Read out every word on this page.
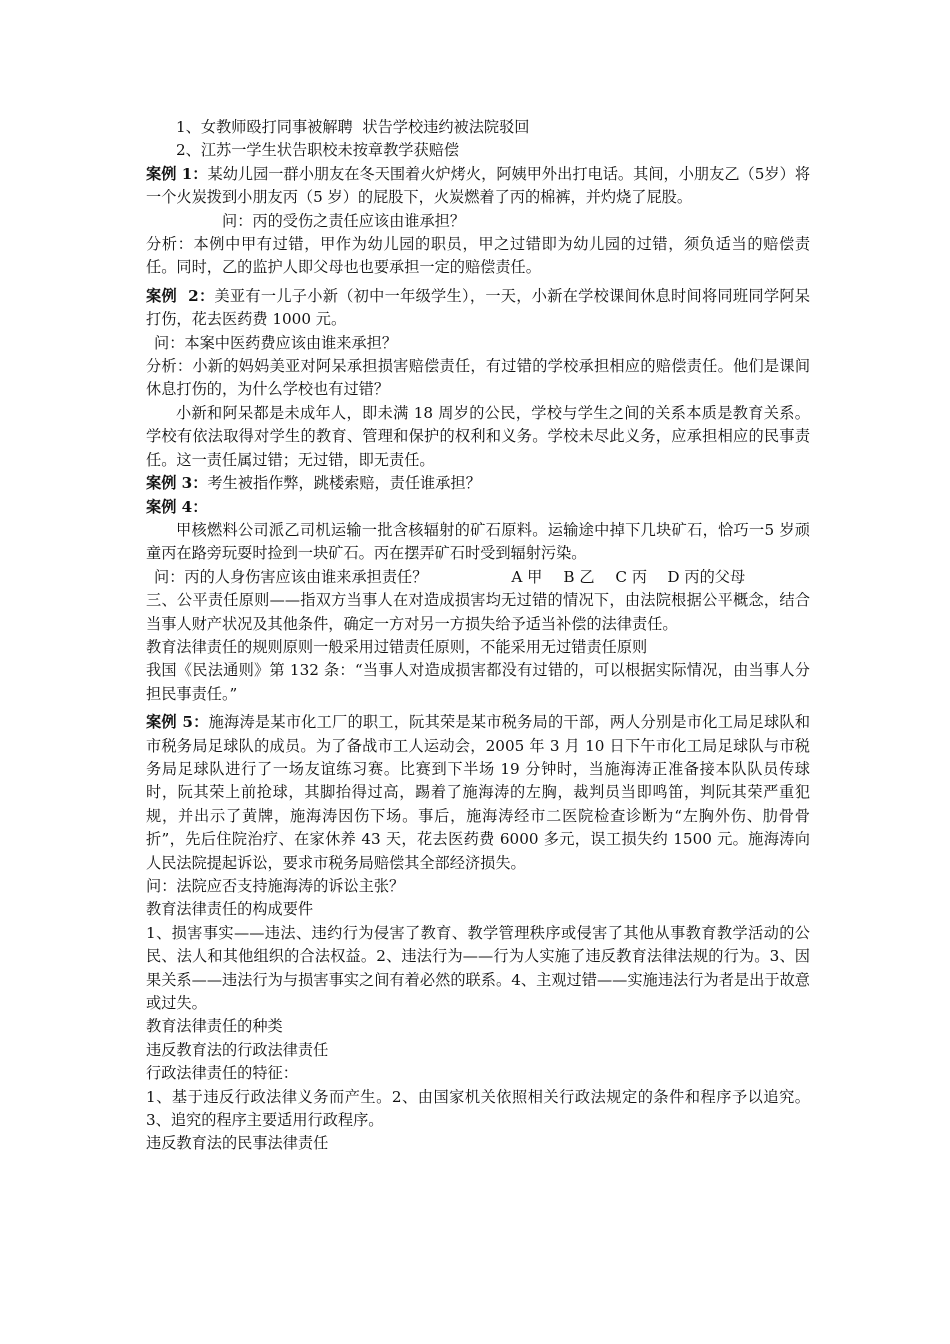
1、女教师殴打同事被解聘  状告学校违约被法院驳回

2、江苏一学生状告职校未按章教学获赔偿

案例 1：某幼儿园一群小朋友在冬天围着火炉烤火，阿姨甲外出打电话。其间，小朋友乙（5岁）将一个火炭拨到小朋友丙（5 岁）的屁股下，火炭燃着了丙的棉裤，并灼烧了屁股。

问：丙的受伤之责任应该由谁承担？

分析：本例中甲有过错，甲作为幼儿园的职员，甲之过错即为幼儿园的过错，须负适当的赔偿责任。同时，乙的监护人即父母也也要承担一定的赔偿责任。

案例  2：美亚有一儿子小新（初中一年级学生），一天，小新在学校课间休息时间将同班同学阿呆打伤，花去医药费 1000 元。

问：本案中医药费应该由谁来承担？

分析：小新的妈妈美亚对阿呆承担损害赔偿责任，有过错的学校承担相应的赔偿责任。他们是课间休息打伤的，为什么学校也有过错？

小新和阿呆都是未成年人，即未满 18 周岁的公民，学校与学生之间的关系本质是教育关系。学校有依法取得对学生的教育、管理和保护的权利和义务。学校未尽此义务，应承担相应的民事责任。这一责任属过错；无过错，即无责任。

案例 3：考生被指作弊，跳楼索赔，责任谁承担？

案例 4：

甲核燃料公司派乙司机运输一批含核辐射的矿石原料。运输途中掉下几块矿石，恰巧一5 岁顽童丙在路旁玩耍时捡到一块矿石。丙在摆弄矿石时受到辐射污染。

问：丙的人身伤害应该由谁来承担责任？	A 甲 B 乙 C 丙 D 丙的父母

三、公平责任原则——指双方当事人在对造成损害均无过错的情况下，由法院根据公平概念，结合当事人财产状况及其他条件，确定一方对另一方损失给予适当补偿的法律责任。

教育法律责任的规则原则一般采用过错责任原则，不能采用无过错责任原则

我国《民法通则》第 132 条：“当事人对造成损害都没有过错的，可以根据实际情况，由当事人分担民事责任。”

案例 5：施海涛是某市化工厂的职工，阮其荣是某市税务局的干部，两人分别是市化工局足球队和市税务局足球队的成员。为了备战市工人运动会，2005 年 3 月 10 日下午市化工局足球队与市税务局足球队进行了一场友谊练习赛。比赛到下半场 19 分钟时，当施海涛正准备接本队队员传球时，阮其荣上前抢球，其脚抬得过高，踢着了施海涛的左胸，裁判员当即鸣笛，判阮其荣严重犯规，并出示了黄牌，施海涛因伤下场。事后，施海涛经市二医院检查诊断为“左胸外伤、肋骨骨折”，先后住院治疗、在家休养 43 天，花去医药费 6000 多元，误工损失约 1500 元。施海涛向人民法院提起诉讼，要求市税务局赔偿其全部经济损失。

问：法院应否支持施海涛的诉讼主张？

教育法律责任的构成要件

1、损害事实——违法、违约行为侵害了教育、教学管理秩序或侵害了其他从事教育教学活动的公民、法人和其他组织的合法权益。2、违法行为——行为人实施了违反教育法律法规的行为。3、因果关系——违法行为与损害事实之间有着必然的联系。4、主观过错——实施违法行为者是出于故意或过失。

教育法律责任的种类

违反教育法的行政法律责任

行政法律责任的特征：

1、基于违反行政法律义务而产生。2、由国家机关依照相关行政法规定的条件和程序予以追究。3、追究的程序主要适用行政程序。

违反教育法的民事法律责任
